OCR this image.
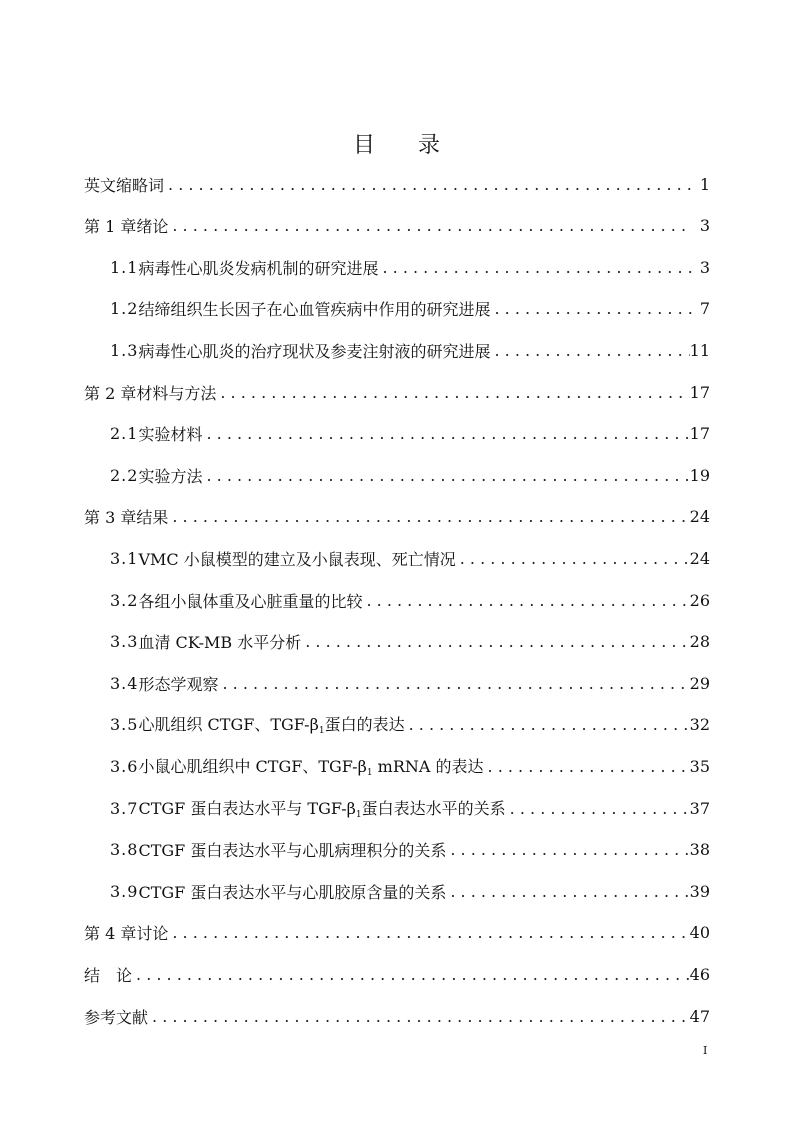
目 录
英文缩略词 . . .	1
第 1 章 绪论 . . .	3
1.1 病毒性心肌炎发病机制的研究进展 . . .	3
1.2 结缔组织生长因子在心血管疾病中作用的研究进展 . . .	7
1.3 病毒性心肌炎的治疗现状及参麦注射液的研究进展 . . .	11
第 2 章 材料与方法 . . .	17
2.1 实验材料 . . .	17
2.2 实验方法 . . .	19
第 3 章 结果 . . .	24
3.1 VMC 小鼠模型的建立及小鼠表现、死亡情况 . . .	24
3.2 各组小鼠体重及心脏重量的比较 . . .	26
3.3 血清 CK-MB 水平分析 . . .	28
3.4 形态学观察 . . .	29
3.5 心肌组织 CTGF、TGF-$\beta_1$蛋白的表达 . . .	32
3.6 小鼠心肌组织中 CTGF、TGF-$\beta_1$ mRNA 的表达 . . .	35
3.7 CTGF 蛋白表达水平与 TGF-$\beta_1$蛋白表达水平的关系 . . .	37
3.8 CTGF 蛋白表达水平与心肌病理积分的关系 . . .	38
3.9 CTGF 蛋白表达水平与心肌胶原含量的关系 . . .	39
第 4 章 讨论 . . .	40
结　论 . . .	46
参考文献 . . .	47
I
